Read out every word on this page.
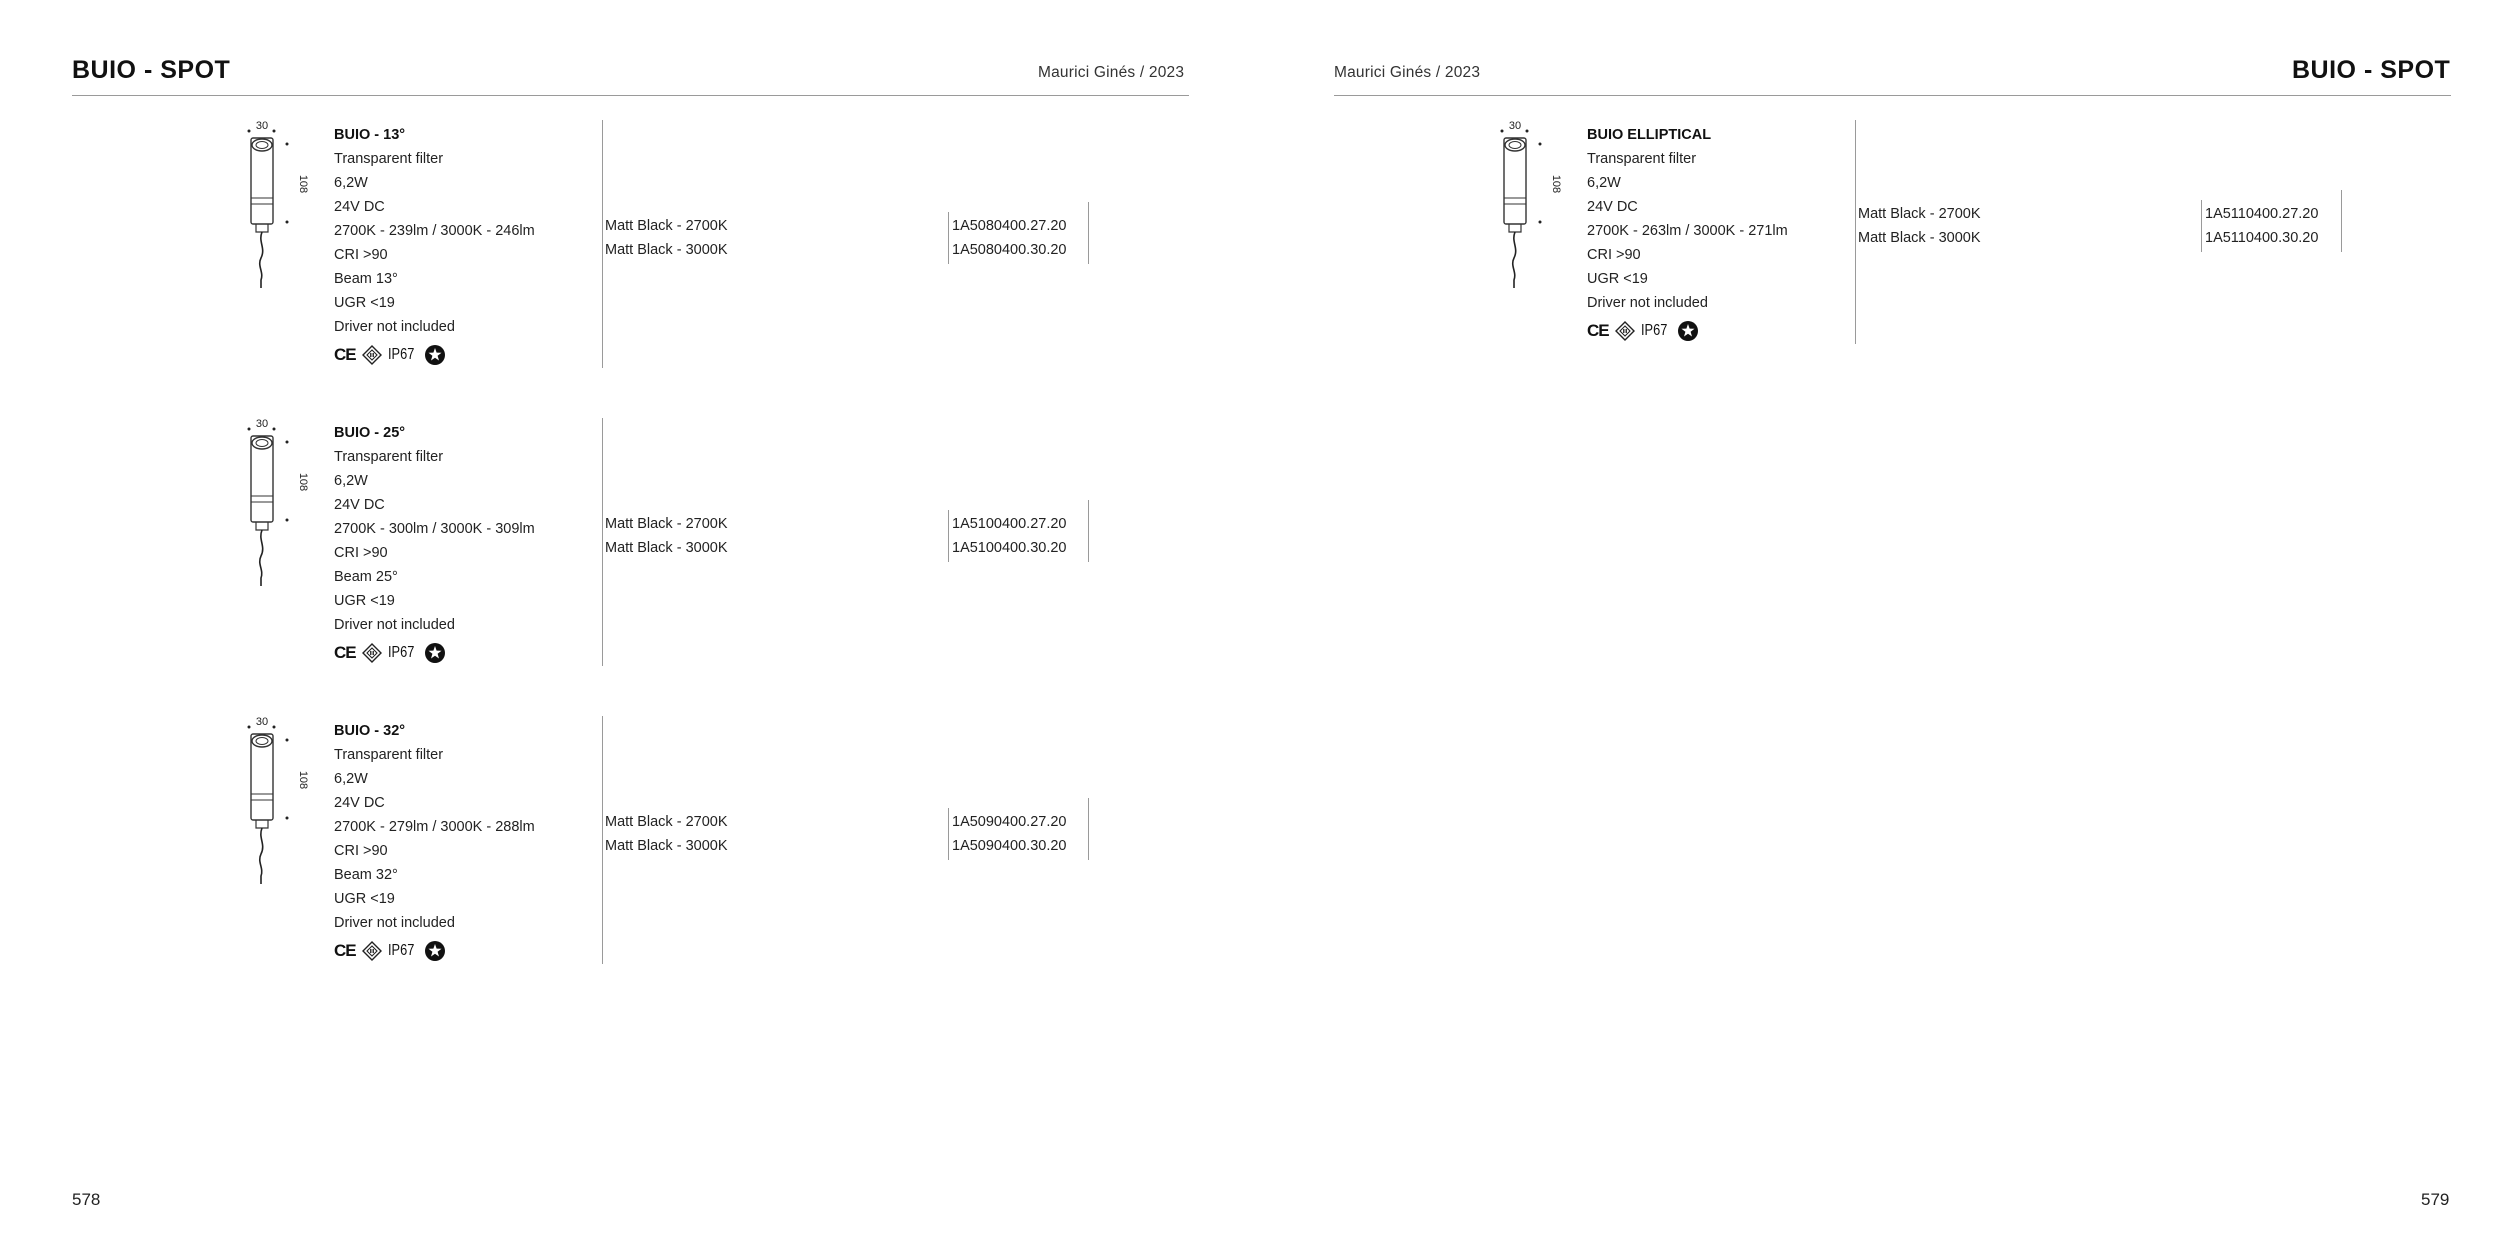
BUIO - SPOT	Maurici Ginés / 2023	Maurici Ginés / 2023	BUIO - SPOT
30
108
BUIO - 13°
Transparent filter
6,2W
24V DC
2700K - 239lm / 3000K - 246lm
CRI >90
Beam 13°
UGR <19
Driver not included
CE IP67
Matt Black - 2700K	1A5080400.27.20
Matt Black - 3000K	1A5080400.30.20
30
108
BUIO - 25°
Transparent filter
6,2W
24V DC
2700K - 300lm / 3000K - 309lm
CRI >90
Beam 25°
UGR <19
Driver not included
CE IP67
Matt Black - 2700K	1A5100400.27.20
Matt Black - 3000K	1A5100400.30.20
30
108
BUIO - 32°
Transparent filter
6,2W
24V DC
2700K - 279lm / 3000K - 288lm
CRI >90
Beam 32°
UGR <19
Driver not included
CE IP67
Matt Black - 2700K	1A5090400.27.20
Matt Black - 3000K	1A5090400.30.20
30
108
BUIO ELLIPTICAL
Transparent filter
6,2W
24V DC
2700K - 263lm / 3000K - 271lm
CRI >90
UGR <19
Driver not included
CE IP67
Matt Black - 2700K	1A5110400.27.20
Matt Black - 3000K	1A5110400.30.20
578	579
